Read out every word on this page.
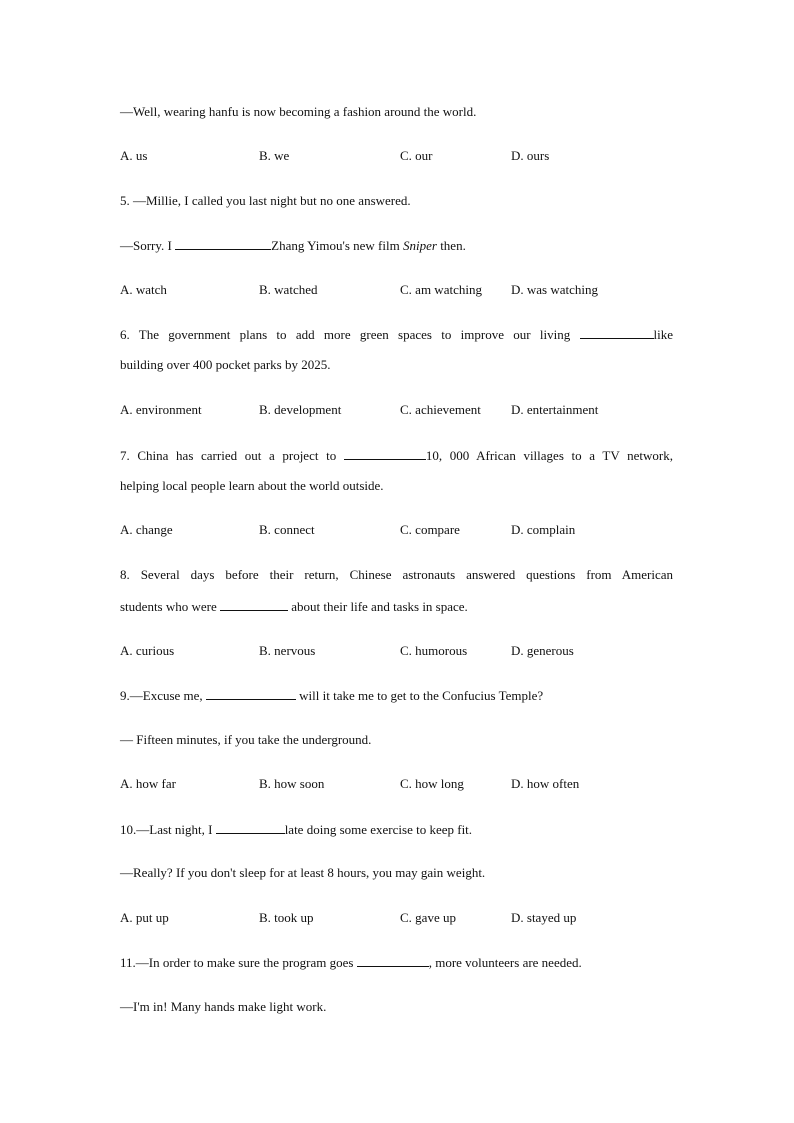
—Well, wearing hanfu is now becoming a fashion around the world.
A. us	B. we	C. our	D. ours
5. —Millie, I called you last night but no one answered.
—Sorry. I	Zhang Yimou's new film Sniper then.
A. watch	B. watched	C. am watching D. was watching
6. The government plans to add more green spaces to improve our living	like
building over 400 pocket parks by 2025.
A. environment	B. development	C. achievement D. entertainment
7. China has carried out a project to	10, 000 African villages to a TV network,
helping local people learn about the world outside.
A. change	B. connect	C. compare	D. complain
8. Several days before their return, Chinese astronauts answered questions from American
students who were	about their life and tasks in space.
A. curious	B. nervous	C. humorous	D. generous
9.—Excuse me,	will it take me to get to the Confucius Temple?
— Fifteen minutes, if you take the underground.
A. how far	B. how soon	C. how long	D. how often
10.—Last night, I	late doing some exercise to keep fit.
—Really? If you don't sleep for at least 8 hours, you may gain weight.
A. put up	B. took up	C. gave up	D. stayed up
11.—In order to make sure the program goes	, more volunteers are needed.
—I'm in! Many hands make light work.
